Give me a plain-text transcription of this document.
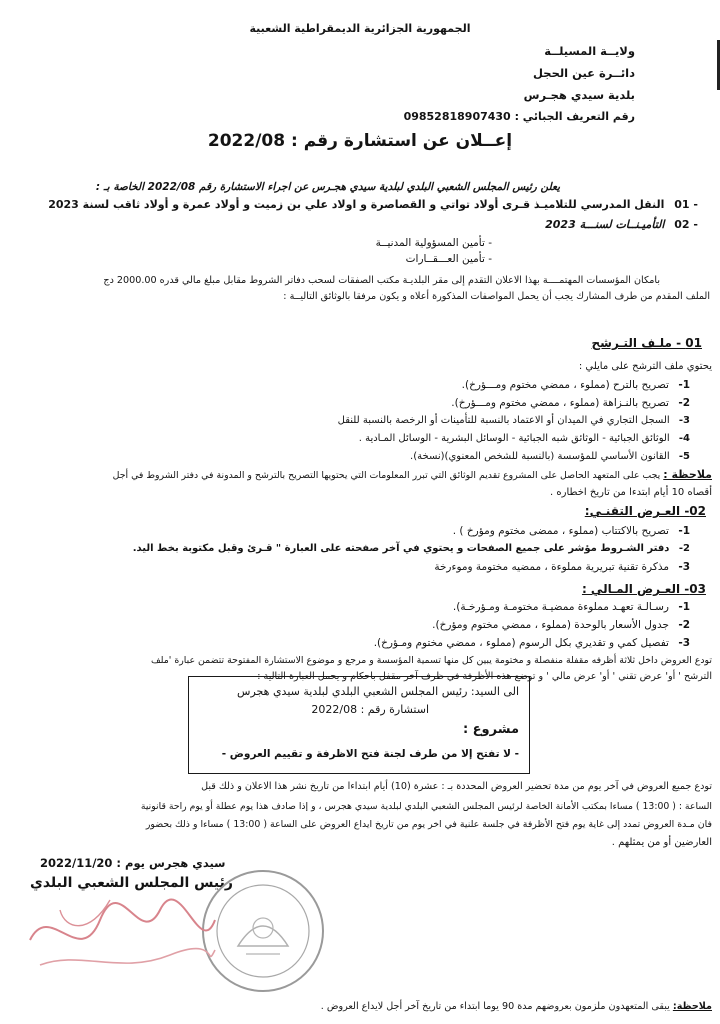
الجمهورية الجزائرية الديمقراطية الشعبية
ولايــة المسيلــة
دائــرة عين الحجل
بلدية سيدي هجـرس
رقم التعريف الجبائي : 09852818907430
إعــلان عن استشارة رقم : 2022/08
يعلن رئيس المجلس الشعبي البلدي لبلدية سيدي هجـرس عن اجراء الاستشارة رقم 2022/08 الخاصة بـ :
- 01 النقل المدرسي للتلاميـذ قـرى أولاد تواتي و القصاصرة و اولاد علي بن زميت و أولاد عمرة و أولاد ثاقب لسنة 2023
- 02 التأميـنــات لسنـــة 2023
- تأمين المسؤولية المدنيــة
- تأمين العـــقــارات
بامكان المؤسسات المهتمــــة بهذا الاعلان التقدم إلى مقر البلديـة مكتب الصفقات لسحب دفاتر الشروط مقابل مبلغ مالي قدره 2000.00 دج
الملف المقدم من طرف المشارك يجب أن يحمل المواصفات المذكورة أعلاه و يكون مرفقا بالوثائق التاليــة :
01 - ملـف التـرشح
يحتوي ملف الترشح على مايلي :
1- تصريح بالترح (مملوء ، ممضي مختوم ومـــؤرخ).
2- تصريح بالنـزاهة (مملوء ، ممضي مختوم ومـــؤرخ).
3- السجل التجاري في الميدان أو الاعتماد بالنسبة للتأمينات أو الرخصة بالنسبة للنقل
4- الوثائق الجبائية - الوثائق شبه الجبائية - الوسائل البشرية - الوسائل المـادية .
5- القانون الأساسي للمؤسسة (بالنسبة للشخص المعنوي)(نسخة).
ملاحظة : يجب على المتعهد الحاصل على المشروع تقديم الوثائق التي تبرر المعلومات التي يحتويها التصريح بالترشح و المدونة في دفتر الشروط في أجل
أقصاه 10 أيام ابتدءا من تاريخ اخطاره .
02- العـرض التقنـي:
1- تصريح بالاكتتاب (مملوء ، ممضى مختوم ومؤرخ ) .
2- دفتر الشـروط مؤشر على جميع الصفحات و يحتوي في آخر صفحته على العبارة " قـرئ وقبل مكتوبة بخط اليد.
3- مذكرة تقنية تبريرية مملوءة ، ممضيه مختومة وموءرخة
03- العـرض المـالي :
1- رسـالـة تعهـد مملوءة ممضيـة مختومـة ومـؤرخـة).
2- جدول الأسعار بالوحدة (مملوء ، ممضي مختوم ومؤرخ).
3- تفصيل كمي و تقديري بكل الرسوم (مملوء ، ممضي مختوم ومـؤرخ).
تودع العروض داخل ثلاثة أظرفه مقفلة منفصلة و مختومة يبين كل منها تسمية المؤسسة و مرجع و موضوع الاستشارة المفتوحة تتضمن عبارة 'ملف
الترشح ' أو' عرض تقني ' أو' عرض مالي ' و توضع هذه الأظرفة في ظرف آخر مقفل باحكام و يحمل العبارة التالية :
الى السيد: رئيس المجلس الشعبي البلدي لبلدية سيدي هجرس
استشارة رقم : 2022/08
مشروع :
- لا تفتح إلا من طرف لجنة فتح الاظرفة و تقييم العروض -
تودع جميع العروض في آخر يوم من مدة تحضير العروض المحددة بـ : عشرة (10) أيام ابتداءا من تاريخ نشر هذا الاعلان و ذلك قبل
الساعة : ( 13:00 ) مساءا بمكتب الأمانة الخاصة لرئيس المجلس الشعبي البلدي لبلدية سيدي هجرس ، و إذا صادف هذا يوم عطلة أو يوم راحة قانونية
فان مـدة العروض تمدد إلى غاية يوم فتح الأظرفة في جلسة علنية في اخر يوم من تاريخ ايداع العروض على الساعة ( 13:00 ) مساءا و ذلك بحضور
العارضين أو من يمثلهم .
سيدي هجرس يوم : 2022/11/20
رئيس المجلس الشعبي البلدي
ملاحظة: يبقى المتعهدون ملزمون بعروضهم مدة 90 يوما ابتداء من تاريخ آخر أجل لايداع العروض .
